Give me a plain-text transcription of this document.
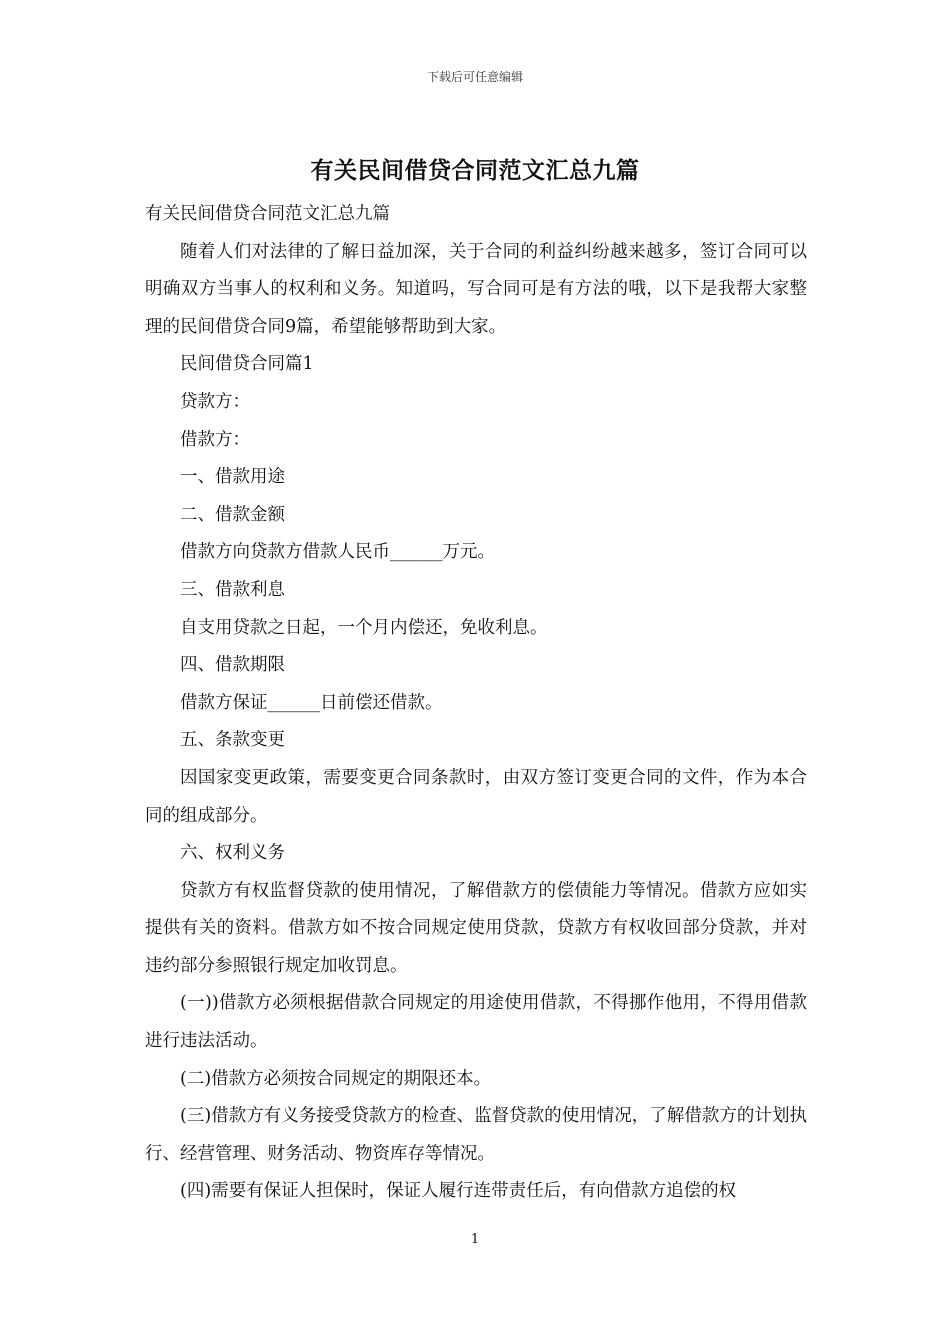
下载后可任意编辑
有关民间借贷合同范文汇总九篇

有关民间借贷合同范文汇总九篇

随着人们对法律的了解日益加深，关于合同的利益纠纷越来越多，签订合同可以明确双方当事人的权利和义务。知道吗，写合同可是有方法的哦，以下是我帮大家整理的民间借贷合同9篇，希望能够帮助到大家。

民间借贷合同篇1

贷款方：

借款方：

一、借款用途

二、借款金额

借款方向贷款方借款人民币______万元。

三、借款利息

自支用贷款之日起，一个月内偿还，免收利息。

四、借款期限

借款方保证______日前偿还借款。

五、条款变更

因国家变更政策，需要变更合同条款时，由双方签订变更合同的文件，作为本合同的组成部分。

六、权利义务

贷款方有权监督贷款的使用情况，了解借款方的偿债能力等情况。借款方应如实提供有关的资料。借款方如不按合同规定使用贷款，贷款方有权收回部分贷款，并对违约部分参照银行规定加收罚息。

(一))借款方必须根据借款合同规定的用途使用借款，不得挪作他用，不得用借款进行违法活动。

(二)借款方必须按合同规定的期限还本。

(三)借款方有义务接受贷款方的检查、监督贷款的使用情况，了解借款方的计划执行、经营管理、财务活动、物资库存等情况。

(四)需要有保证人担保时，保证人履行连带责任后，有向借款方追偿的权

1
